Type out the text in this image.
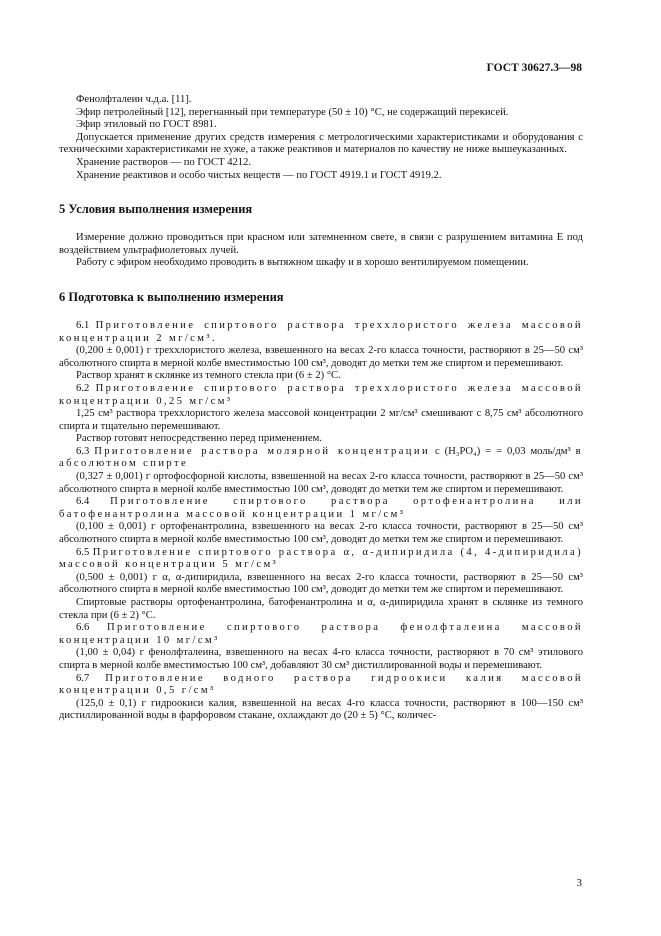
ГОСТ 30627.3—98

Фенолфталеин ч.д.а. [11].

Эфир петролейный [12], перегнанный при температуре (50 ± 10) °С, не содержащий перекисей.

Эфир этиловый по ГОСТ 8981.

Допускается применение других средств измерения с метрологическими характеристиками и оборудования с техническими характеристиками не хуже, а также реактивов и материалов по качеству не ниже вышеуказанных.

Хранение растворов — по ГОСТ 4212.

Хранение реактивов и особо чистых веществ — по ГОСТ 4919.1 и ГОСТ 4919.2.

5 Условия выполнения измерения

Измерение должно проводиться при красном или затемненном свете, в связи с разрушением витамина Е под воздействием ультрафиолетовых лучей.

Работу с эфиром необходимо проводить в вытяжном шкафу и в хорошо вентилируемом помещении.

6 Подготовка к выполнению измерения

6.1 Приготовление спиртового раствора треххлористого железа массовой концентрации 2 мг/см³.

(0,200 ± 0,001) г треххлористого железа, взвешенного на весах 2-го класса точности, растворяют в 25—50 см³ абсолютного спирта в мерной колбе вместимостью 100 см³, доводят до метки тем же спиртом и перемешивают.

Раствор хранят в склянке из темного стекла при (6 ± 2) °С.

6.2 Приготовление спиртового раствора треххлористого железа массовой концентрации 0,25 мг/см³

1,25 см³ раствора треххлористого железа массовой концентрации 2 мг/см³ смешивают с 8,75 см³ абсолютного спирта и тщательно перемешивают.

Раствор готовят непосредственно перед применением.

6.3 Приготовление раствора молярной концентрации c (H₃PO₄) = = 0,03 моль/дм³ в абсолютном спирте

(0,327 ± 0,001) г ортофосфорной кислоты, взвешенной на весах 2-го класса точности, растворяют в 25—50 см³ абсолютного спирта в мерной колбе вместимостью 100 см³, доводят до метки тем же спиртом и перемешивают.

6.4 Приготовление спиртового раствора ортофенантролина или батофенантролина массовой концентрации 1 мг/см³

(0,100 ± 0,001) г ортофенантролина, взвешенного на весах 2-го класса точности, растворяют в 25—50 см³ абсолютного спирта в мерной колбе вместимостью 100 см³, доводят до метки тем же спиртом и перемешивают.

6.5 Приготовление спиртового раствора α, α-дипиридила (4, 4-дипиридила) массовой концентрации 5 мг/см³

(0,500 ± 0,001) г α, α-дипиридила, взвешенного на весах 2-го класса точности, растворяют в 25—50 см³ абсолютного спирта в мерной колбе вместимостью 100 см³, доводят до метки тем же спиртом и перемешивают.

Спиртовые растворы ортофенантролина, батофенантролина и α, α-дипиридила хранят в склянке из темного стекла при (6 ± 2) °С.

6.6 Приготовление спиртового раствора фенолфталеина массовой концентрации 10 мг/см³

(1,00 ± 0,04) г фенолфталеина, взвешенного на весах 4-го класса точности, растворяют в 70 см³ этилового спирта в мерной колбе вместимостью 100 см³, добавляют 30 см³ дистиллированной воды и перемешивают.

6.7 Приготовление водного раствора гидроокиси калия массовой концентрации 0,5 г/см³

(125,0 ± 0,1) г гидроокиси калия, взвешенной на весах 4-го класса точности, растворяют в 100—150 см³ дистиллированной воды в фарфоровом стакане, охлаждают до (20 ± 5) °С, количес-

3
